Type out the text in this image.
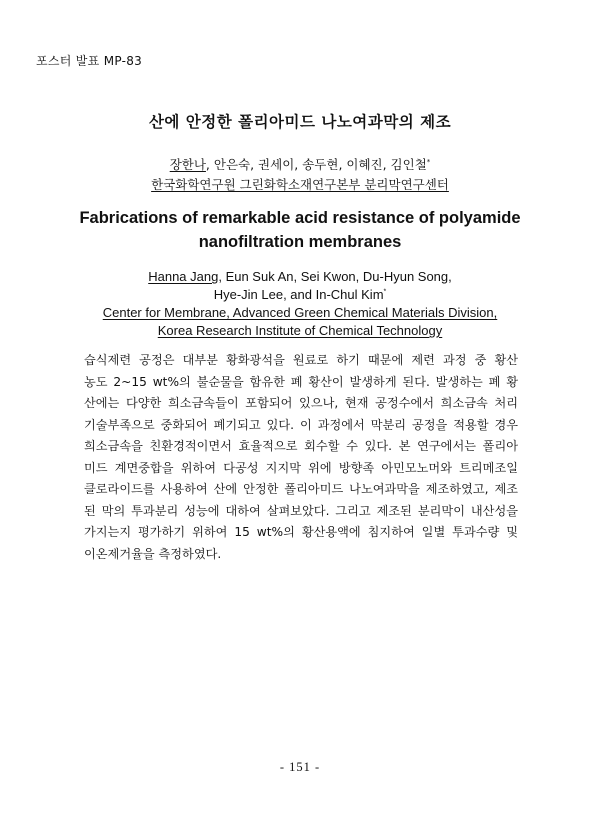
포스터 발표 MP-83
산에 안정한 폴리아미드 나노여과막의 제조
장한나, 안은숙, 권세이, 송두현, 이혜진, 김인철*
한국화학연구원 그린화학소재연구본부 분리막연구센터
Fabrications of remarkable acid resistance of polyamide
nanofiltration membranes
Hanna Jang, Eun Suk An, Sei Kwon, Du-Hyun Song,
Hye-Jin Lee, and In-Chul Kim*
Center for Membrane, Advanced Green Chemical Materials Division,
Korea Research Institute of Chemical Technology
습식제련 공정은 대부분 황화광석을 원료로 하기 때문에 제련 과정 중 황산
농도 2~15 wt%의 불순물을 함유한 폐 황산이 발생하게 된다. 발생하는 폐 황
산에는 다양한 희소금속들이 포함되어 있으나, 현재 공정수에서 희소금속 처리
기술부족으로 중화되어 폐기되고 있다. 이 과정에서 막분리 공정을 적용할 경우
희소금속을 친환경적이면서 효율적으로 회수할 수 있다. 본 연구에서는 폴리아
미드 계면중합을 위하여 다공성 지지막 위에 방향족 아민모노머와 트리메조일
클로라이드를 사용하여 산에 안정한 폴리아미드 나노여과막을 제조하였고, 제조
된 막의 투과분리 성능에 대하여 살펴보았다. 그리고 제조된 분리막이 내산성을
가지는지 평가하기 위하여 15 wt%의 황산용액에 침지하여 일별 투과수량 및
이온제거율을 측정하였다.
- 151 -
